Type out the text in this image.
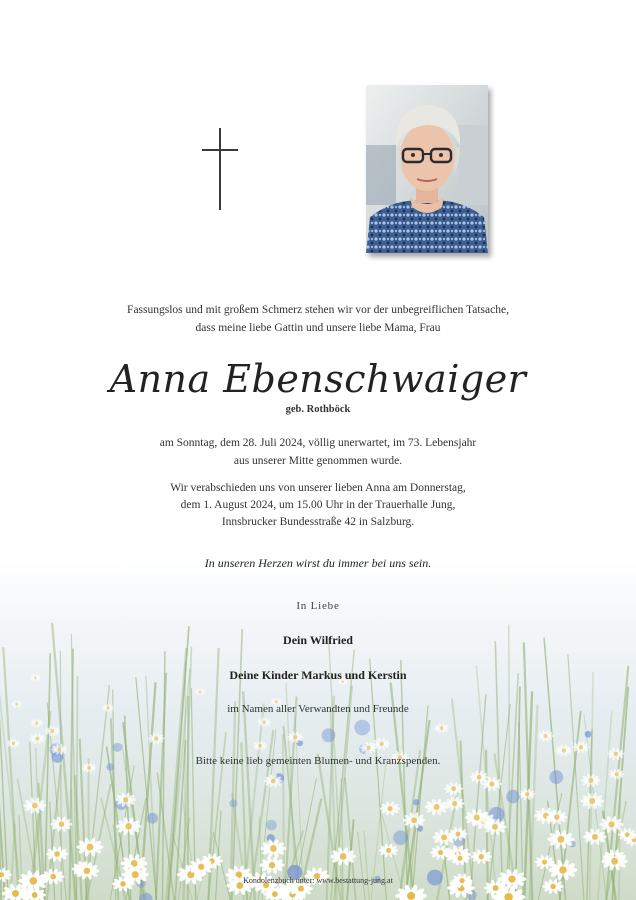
Fassungslos und mit großem Schmerz stehen wir vor der unbegreiflichen Tatsache,
dass meine liebe Gattin und unsere liebe Mama, Frau
Anna Ebenschwaiger
geb. Rothböck
am Sonntag, dem 28. Juli 2024, völlig unerwartet, im 73. Lebensjahr
aus unserer Mitte genommen wurde.
Wir verabschieden uns von unserer lieben Anna am Donnerstag,
dem 1. August 2024, um 15.00 Uhr in der Trauerhalle Jung,
Innsbrucker Bundesstraße 42 in Salzburg.
In unseren Herzen wirst du immer bei uns sein.
In Liebe
Dein Wilfried
Deine Kinder Markus und Kerstin
im Namen aller Verwandten und Freunde
Bitte keine lieb gemeinten Blumen- und Kranzspenden.
Kondolenzbuch unter: www.bestattung-jung.at
